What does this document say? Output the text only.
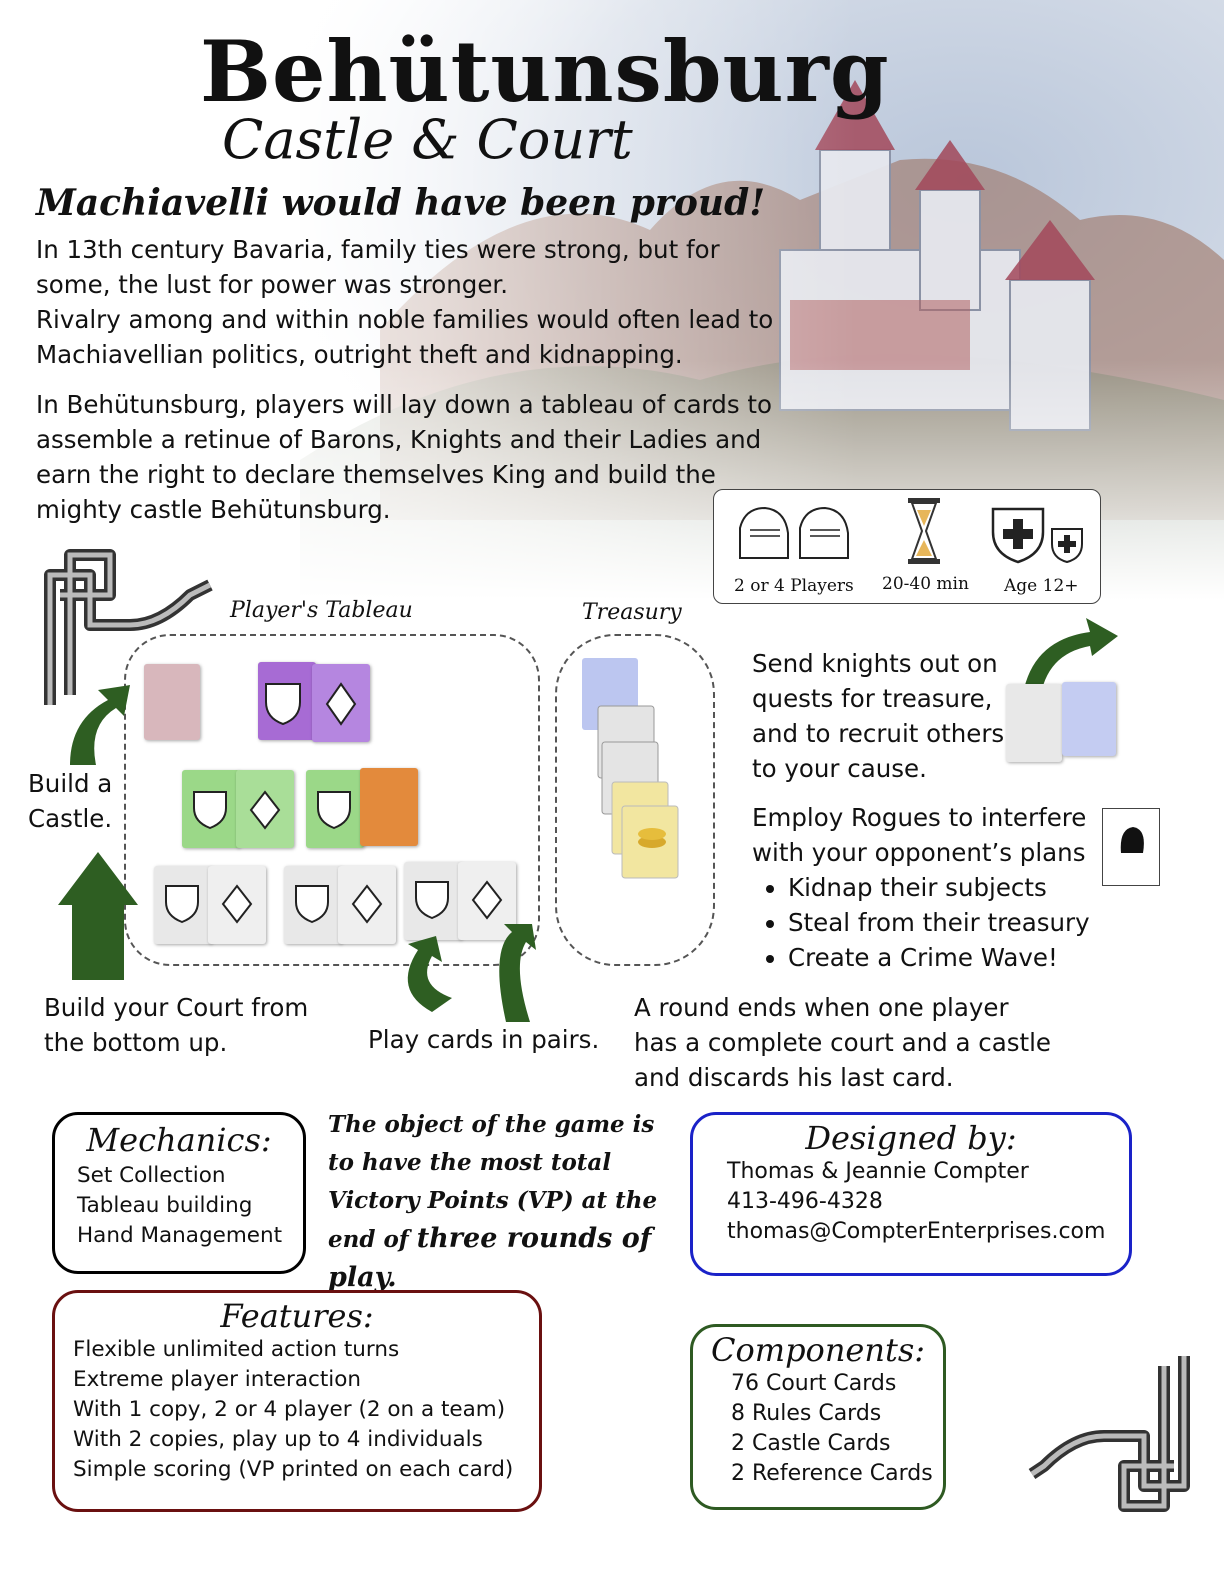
Behütunsburg
Castle & Court
Machiavelli would have been proud!
In 13th century Bavaria, family ties were strong, but for some, the lust for power was stronger.
Rivalry among and within noble families would often lead to Machiavellian politics, outright theft and kidnapping.
In Behütunsburg, players will lay down a tableau of cards to assemble a retinue of Barons, Knights and their Ladies and earn the right to declare themselves King and build the mighty castle Behütunsburg.
2 or 4 Players 20-40 min Age 12+
Player's Tableau	Treasury
Build a Castle.
Build your Court from the bottom up.	Play cards in pairs.
Send knights out on quests for treasure, and to recruit others to your cause.
Employ Rogues to interfere with your opponent’s plans
• Kidnap their subjects
• Steal from their treasury
• Create a Crime Wave!
A round ends when one player has a complete court and a castle and discards his last card.
Mechanics:
Set Collection
Tableau building
Hand Management
The object of the game is to have the most total Victory Points (VP) at the end of three rounds of play.
Designed by:
Thomas & Jeannie Compter
413-496-4328
thomas@CompterEnterprises.com
Features:
Flexible unlimited action turns
Extreme player interaction
With 1 copy, 2 or 4 player (2 on a team)
With 2 copies, play up to 4 individuals
Simple scoring (VP printed on each card)
Components:
76 Court Cards
8 Rules Cards
2 Castle Cards
2 Reference Cards
